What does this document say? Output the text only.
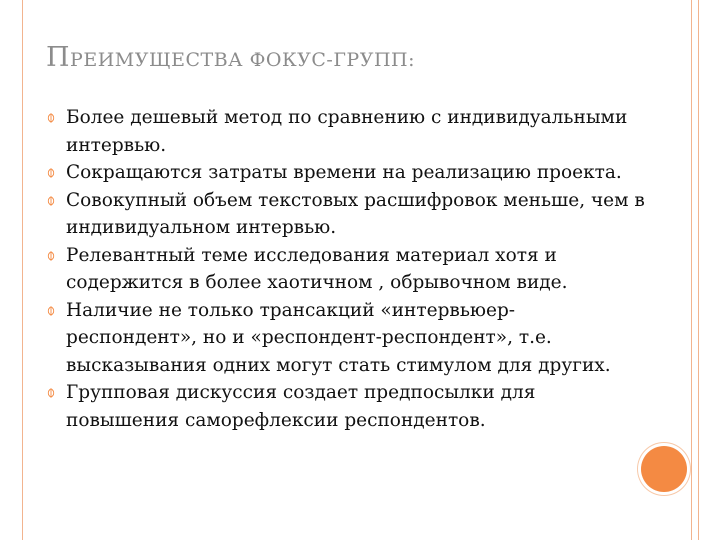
ПРЕИМУЩЕСТВА ФОКУС-ГРУПП:
Более дешевый метод по сравнению с индивидуальными интервью.
Сокращаются затраты времени на реализацию проекта.
Совокупный объем текстовых расшифровок меньше, чем в индивидуальном интервью.
Релевантный теме исследования материал хотя и содержится в более хаотичном , обрывочном виде.
Наличие не только трансакций «интервьюер-респондент», но и «респондент-респондент», т.е. высказывания одних могут стать стимулом для других.
Групповая дискуссия создает предпосылки для повышения саморефлексии респондентов.
